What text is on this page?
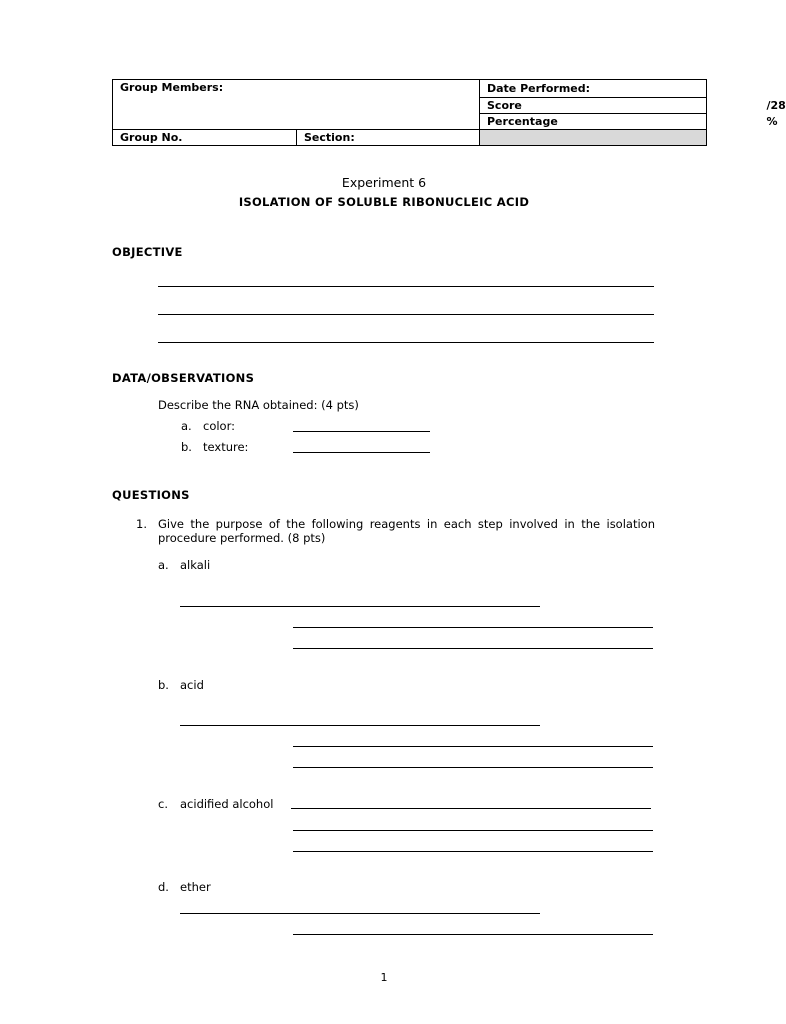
Group Members:		Date Performed:
		Score /28

		Percentage %

Group No.	Section:	
Experiment 6
ISOLATION OF SOLUBLE RIBONUCLEIC ACID
OBJECTIVE
DATA/OBSERVATIONS
Describe the RNA obtained: (4 pts)
a. color:
b. texture:
QUESTIONS
1. Give the purpose of the following reagents in each step involved in the isolation
procedure performed. (8 pts)
a. alkali
b. acid
c. acidified alcohol
d. ether
1
